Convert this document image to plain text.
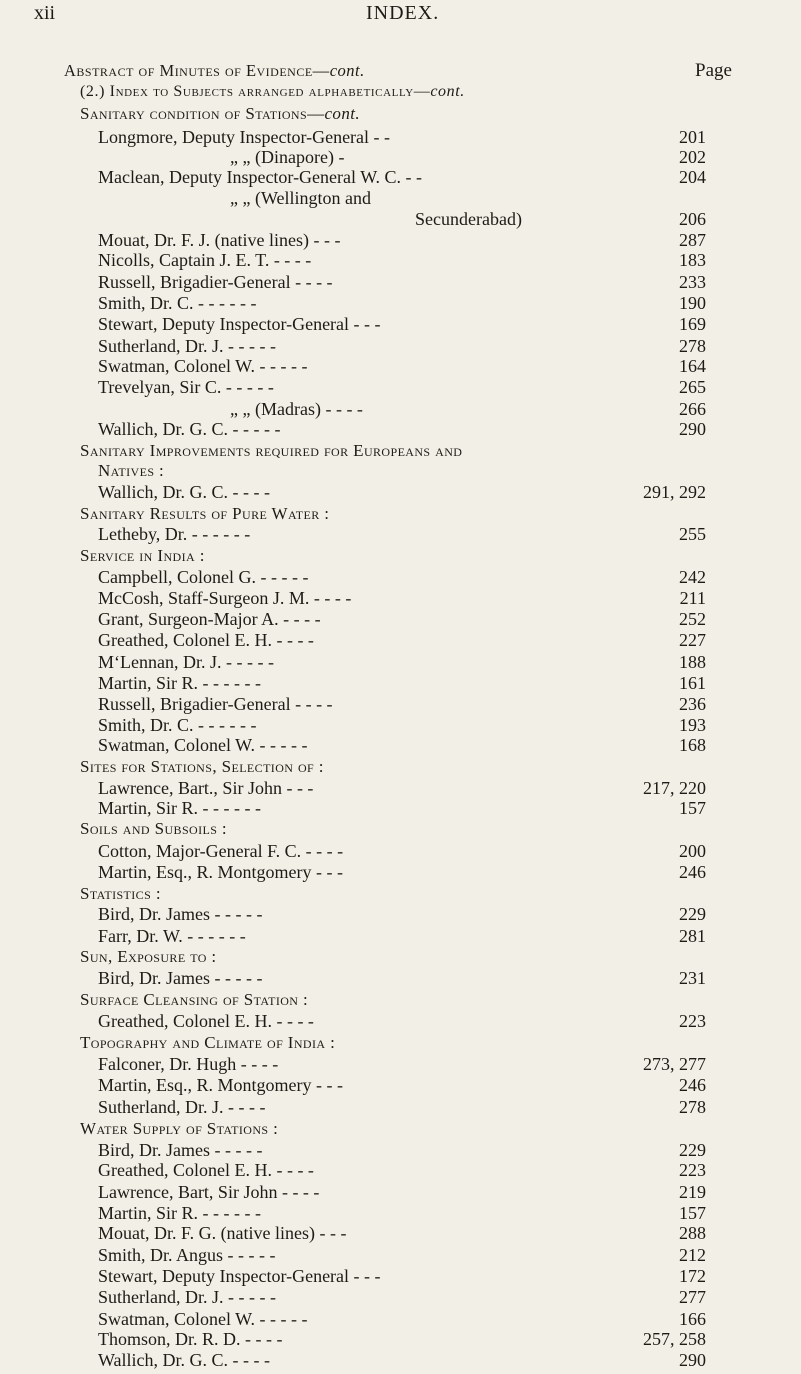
xii	INDEX.
Abstract of Minutes of Evidence—cont.	Page
(2.) Index to Subjects arranged alphabetically—cont.
Sanitary condition of Stations—cont.
Longmore, Deputy Inspector-General - -	201
„ „ (Dinapore) -	202
Maclean, Deputy Inspector-General W. C. - -	204
„ „ (Wellington and
Secunderabad)	206
Mouat, Dr. F. J. (native lines) - - -	287
Nicolls, Captain J. E. T. - - - -	183
Russell, Brigadier-General - - - -	233
Smith, Dr. C. - - - - - -	190
Stewart, Deputy Inspector-General - - -	169
Sutherland, Dr. J. - - - - -	278
Swatman, Colonel W. - - - - -	164
Trevelyan, Sir C. - - - - -	265
„ „ (Madras) - - - -	266
Wallich, Dr. G. C. - - - - -	290
Sanitary Improvements required for Europeans and
Natives :
Wallich, Dr. G. C. - - - -	291, 292
Sanitary Results of Pure Water :
Letheby, Dr. - - - - - -	255
Service in India :
Campbell, Colonel G. - - - - -	242
McCosh, Staff-Surgeon J. M. - - - -	211
Grant, Surgeon-Major A. - - - -	252
Greathed, Colonel E. H. - - - -	227
M‘Lennan, Dr. J. - - - - -	188
Martin, Sir R. - - - - - -	161
Russell, Brigadier-General - - - -	236
Smith, Dr. C. - - - - - -	193
Swatman, Colonel W. - - - - -	168
Sites for Stations, Selection of :
Lawrence, Bart., Sir John - - -	217, 220
Martin, Sir R. - - - - - -	157
Soils and Subsoils :
Cotton, Major-General F. C. - - - -	200
Martin, Esq., R. Montgomery - - -	246
Statistics :
Bird, Dr. James - - - - -	229
Farr, Dr. W. - - - - - -	281
Sun, Exposure to :
Bird, Dr. James - - - - -	231
Surface Cleansing of Station :
Greathed, Colonel E. H. - - - -	223
Topography and Climate of India :
Falconer, Dr. Hugh - - - -	273, 277
Martin, Esq., R. Montgomery - - -	246
Sutherland, Dr. J. - - - -	278
Water Supply of Stations :
Bird, Dr. James - - - - -	229
Greathed, Colonel E. H. - - - -	223
Lawrence, Bart, Sir John - - - -	219
Martin, Sir R. - - - - - -	157
Mouat, Dr. F. G. (native lines) - - -	288
Smith, Dr. Angus - - - - -	212
Stewart, Deputy Inspector-General - - -	172
Sutherland, Dr. J. - - - - -	277
Swatman, Colonel W. - - - - -	166
Thomson, Dr. R. D. - - - -	257, 258
Wallich, Dr. G. C. - - - -	290
